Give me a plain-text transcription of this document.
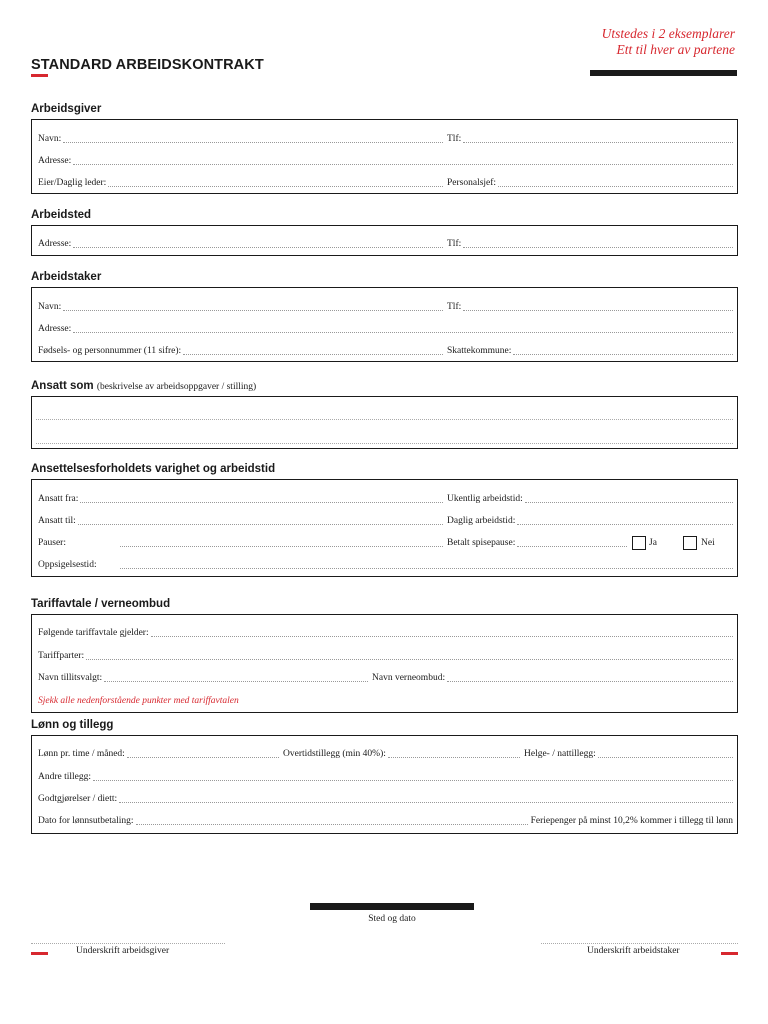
STANDARD ARBEIDSKONTRAKT
Utstedes i 2 eksemplarer
Ett til hver av partene
Arbeidsgiver
Navn:	Tlf:
Adresse:
Eier/Daglig leder:	Personalsjef:
Arbeidsted
Adresse:	Tlf:
Arbeidstaker
Navn:	Tlf:
Adresse:
Fødsels- og personnummer (11 sifre):	Skattekommune:
Ansatt som (beskrivelse av arbeidsoppgaver / stilling)
Ansettelsesforholdets varighet og arbeidstid
Ansatt fra:	Ukentlig arbeidstid:
Ansatt til:	Daglig arbeidstid:
Pauser:	Betalt spisepause:	Ja	Nei
Oppsigelsestid:
Tariffavtale / verneombud
Følgende tariffavtale gjelder:
Tariffparter:
Navn tillitsvalgt:	Navn verneombud:
Sjekk alle nedenforstående punkter med tariffavtalen
Lønn og tillegg
Lønn pr. time / måned:	Overtidstillegg (min 40%):	Helge- / nattillegg:
Andre tillegg:
Godtgjørelser / diett:
Dato for lønnsutbetaling:	Feriepenger på minst 10,2% kommer i tillegg til lønn
Sted og dato
Underskrift arbeidsgiver	Underskrift arbeidstaker
